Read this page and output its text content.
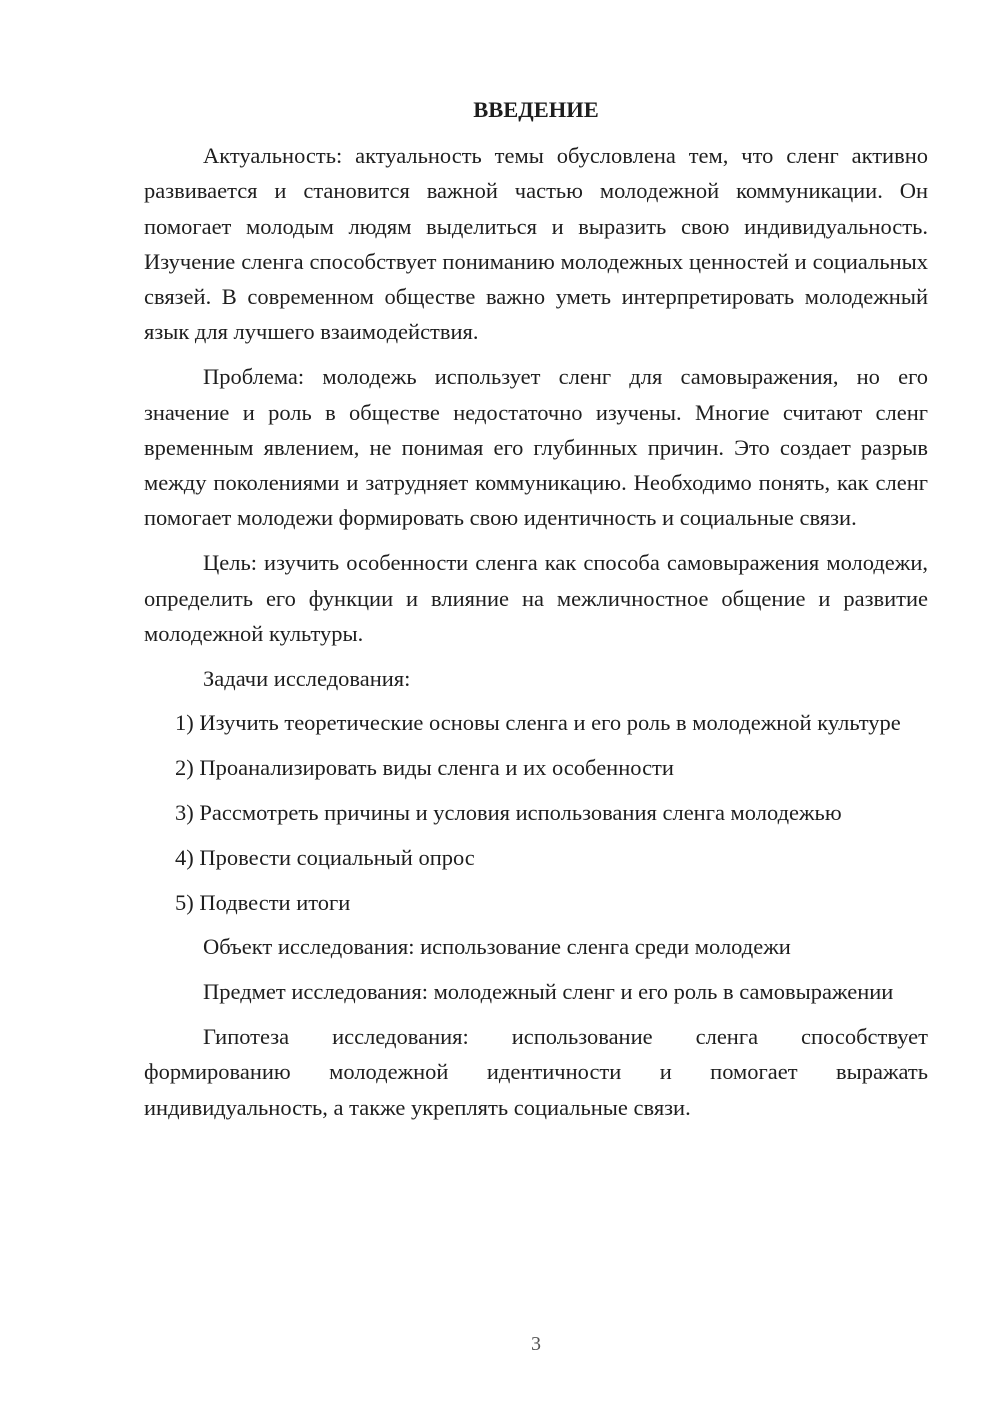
ВВЕДЕНИЕ

Актуальность: актуальность темы обусловлена тем, что сленг активно развивается и становится важной частью молодежной коммуникации. Он помогает молодым людям выделиться и выразить свою индивидуальность. Изучение сленга способствует пониманию молодежных ценностей и социальных связей. В современном обществе важно уметь интерпретировать молодежный язык для лучшего взаимодействия.

Проблема: молодежь использует сленг для самовыражения, но его значение и роль в обществе недостаточно изучены. Многие считают сленг временным явлением, не понимая его глубинных причин. Это создает разрыв между поколениями и затрудняет коммуникацию. Необходимо понять, как сленг помогает молодежи формировать свою идентичность и социальные связи.

Цель: изучить особенности сленга как способа самовыражения молодежи, определить его функции и влияние на межличностное общение и развитие молодежной культуры.

Задачи исследования:

1) Изучить теоретические основы сленга и его роль в молодежной культуре

2) Проанализировать виды сленга и их особенности

3) Рассмотреть причины и условия использования сленга молодежью

4) Провести социальный опрос

5) Подвести итоги

Объект исследования: использование сленга среди молодежи

Предмет исследования: молодежный сленг и его роль в самовыражении

Гипотеза исследования: использование сленга способствует формированию молодежной идентичности и помогает выражать индивидуальность, а также укреплять социальные связи.

3
